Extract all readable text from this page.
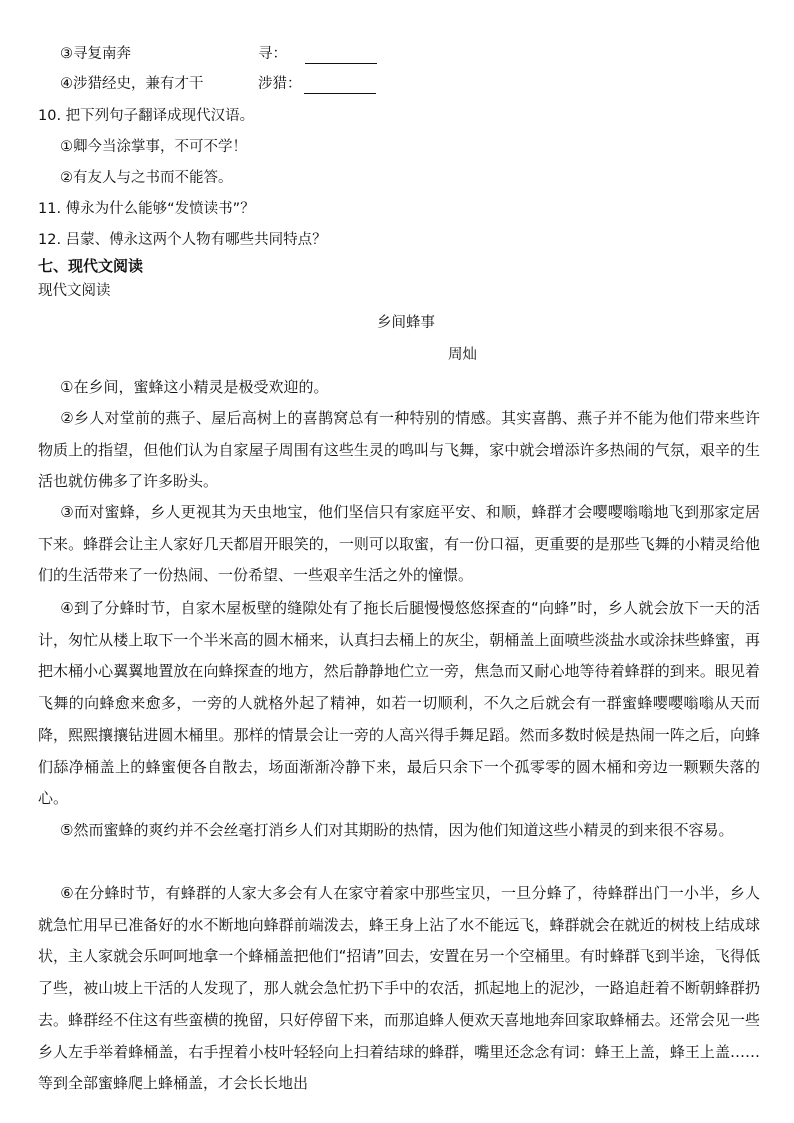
③寻复南奔	寻：
④涉猎经史，兼有才干	涉猎：
10. 把下列句子翻译成现代汉语。
①卿今当涂掌事，不可不学！
②有友人与之书而不能答。
11. 傅永为什么能够“发愤读书”？
12. 吕蒙、傅永这两个人物有哪些共同特点？
七、现代文阅读
现代文阅读
乡间蜂事
周灿
①在乡间，蜜蜂这小精灵是极受欢迎的。
②乡人对堂前的燕子、屋后高树上的喜鹊窝总有一种特别的情感。其实喜鹊、燕子并不能为他们带来些许物质上的指望，但他们认为自家屋子周围有这些生灵的鸣叫与飞舞，家中就会增添许多热闹的气氛，艰辛的生活也就仿佛多了许多盼头。
③而对蜜蜂，乡人更视其为天虫地宝，他们坚信只有家庭平安、和顺，蜂群才会嘤嘤嗡嗡地飞到那家定居下来。蜂群会让主人家好几天都眉开眼笑的，一则可以取蜜，有一份口福，更重要的是那些飞舞的小精灵给他们的生活带来了一份热闹、一份希望、一些艰辛生活之外的憧憬。
④到了分蜂时节，自家木屋板壁的缝隙处有了拖长后腿慢慢悠悠探查的“向蜂”时，乡人就会放下一天的活计，匆忙从楼上取下一个半米高的圆木桶来，认真扫去桶上的灰尘，朝桶盖上面喷些淡盐水或涂抹些蜂蜜，再把木桶小心翼翼地置放在向蜂探查的地方，然后静静地伫立一旁，焦急而又耐心地等待着蜂群的到来。眼见着飞舞的向蜂愈来愈多，一旁的人就格外起了精神，如若一切顺利，不久之后就会有一群蜜蜂嘤嘤嗡嗡从天而降，熙熙攘攘钻进圆木桶里。那样的情景会让一旁的人高兴得手舞足蹈。然而多数时候是热闹一阵之后，向蜂们舔净桶盖上的蜂蜜便各自散去，场面渐渐冷静下来，最后只余下一个孤零零的圆木桶和旁边一颗颗失落的心。
⑤然而蜜蜂的爽约并不会丝毫打消乡人们对其期盼的热情，因为他们知道这些小精灵的到来很不容易。
⑥在分蜂时节，有蜂群的人家大多会有人在家守着家中那些宝贝，一旦分蜂了，待蜂群出门一小半，乡人就急忙用早已准备好的水不断地向蜂群前端泼去，蜂王身上沾了水不能远飞，蜂群就会在就近的树枝上结成球状，主人家就会乐呵呵地拿一个蜂桶盖把他们“招请”回去，安置在另一个空桶里。有时蜂群飞到半途，飞得低了些，被山坡上干活的人发现了，那人就会急忙扔下手中的农活，抓起地上的泥沙，一路追赶着不断朝蜂群扔去。蜂群经不住这有些蛮横的挽留，只好停留下来，而那追蜂人便欢天喜地地奔回家取蜂桶去。还常会见一些乡人左手举着蜂桶盖，右手捏着小枝叶轻轻向上扫着结球的蜂群，嘴里还念念有词：蜂王上盖，蜂王上盖……等到全部蜜蜂爬上蜂桶盖，才会长长地出
